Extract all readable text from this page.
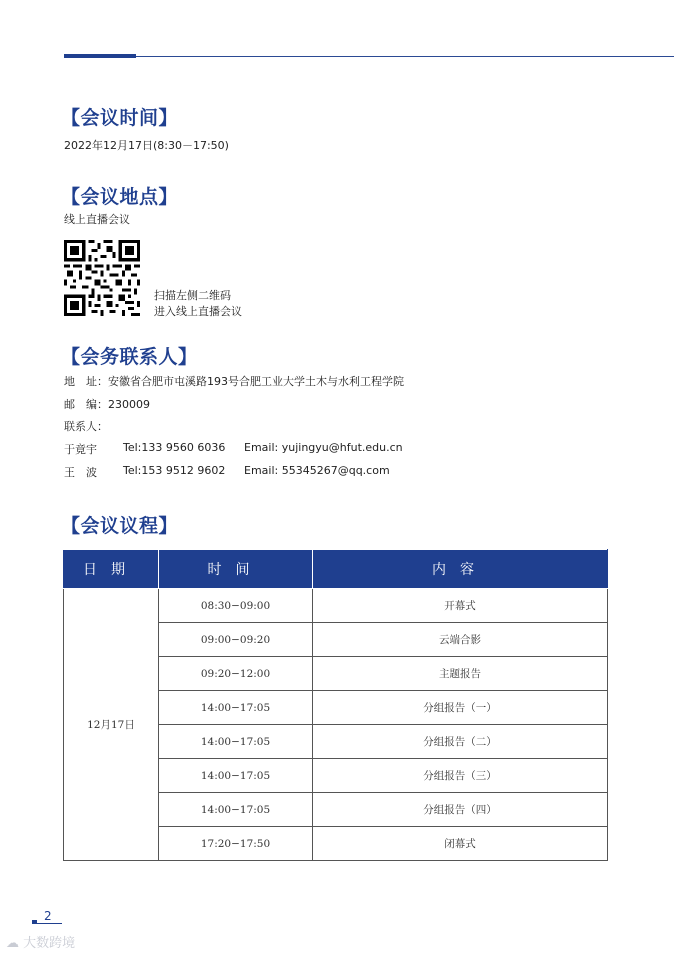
【会议时间】
2022年12月17日(8:30－17:50)
【会议地点】
线上直播会议
扫描左侧二维码
进入线上直播会议
【会务联系人】
地　址：安徽省合肥市屯溪路193号合肥工业大学土木与水利工程学院
邮　编：230009
联系人：
于竟宇 Tel:133 9560 6036 Email: yujingyu@hfut.edu.cn
王　波 Tel:153 9512 9602 Email: 55345267@qq.com
【会议议程】
日期	时间	内容
12月17日	08:30−09:00	开幕式
	09:00−09:20	云端合影
	09:20−12:00	主题报告
	14:00−17:05	分组报告（一）
	14:00−17:05	分组报告（二）
	14:00−17:05	分组报告（三）
	14:00−17:05	分组报告（四）
	17:20−17:50	闭幕式
2
☁ 大数跨境
